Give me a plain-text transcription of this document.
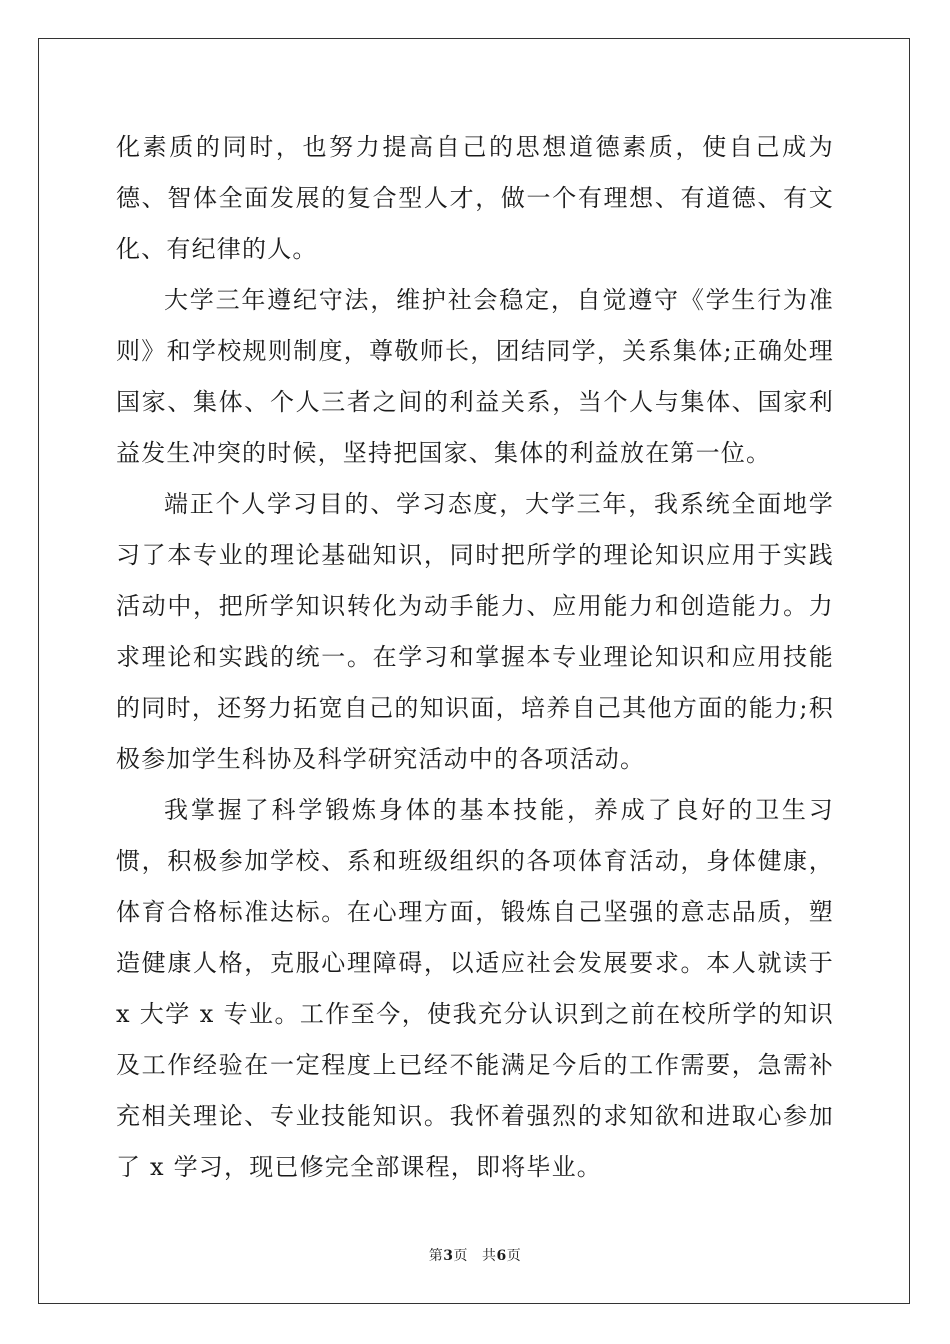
化素质的同时，也努力提高自己的思想道德素质，使自己成为德、智体全面发展的复合型人才，做一个有理想、有道德、有文化、有纪律的人。

大学三年遵纪守法，维护社会稳定，自觉遵守《学生行为准则》和学校规则制度，尊敬师长，团结同学，关系集体;正确处理国家、集体、个人三者之间的利益关系，当个人与集体、国家利益发生冲突的时候，坚持把国家、集体的利益放在第一位。

端正个人学习目的、学习态度，大学三年，我系统全面地学习了本专业的理论基础知识，同时把所学的理论知识应用于实践活动中，把所学知识转化为动手能力、应用能力和创造能力。力求理论和实践的统一。在学习和掌握本专业理论知识和应用技能的同时，还努力拓宽自己的知识面，培养自己其他方面的能力;积极参加学生科协及科学研究活动中的各项活动。

我掌握了科学锻炼身体的基本技能，养成了良好的卫生习惯，积极参加学校、系和班级组织的各项体育活动，身体健康，体育合格标准达标。在心理方面，锻炼自己坚强的意志品质，塑造健康人格，克服心理障碍，以适应社会发展要求。本人就读于 x 大学 x 专业。工作至今，使我充分认识到之前在校所学的知识及工作经验在一定程度上已经不能满足今后的工作需要，急需补充相关理论、专业技能知识。我怀着强烈的求知欲和进取心参加了 x 学习，现已修完全部课程，即将毕业。

第3页 共6页
